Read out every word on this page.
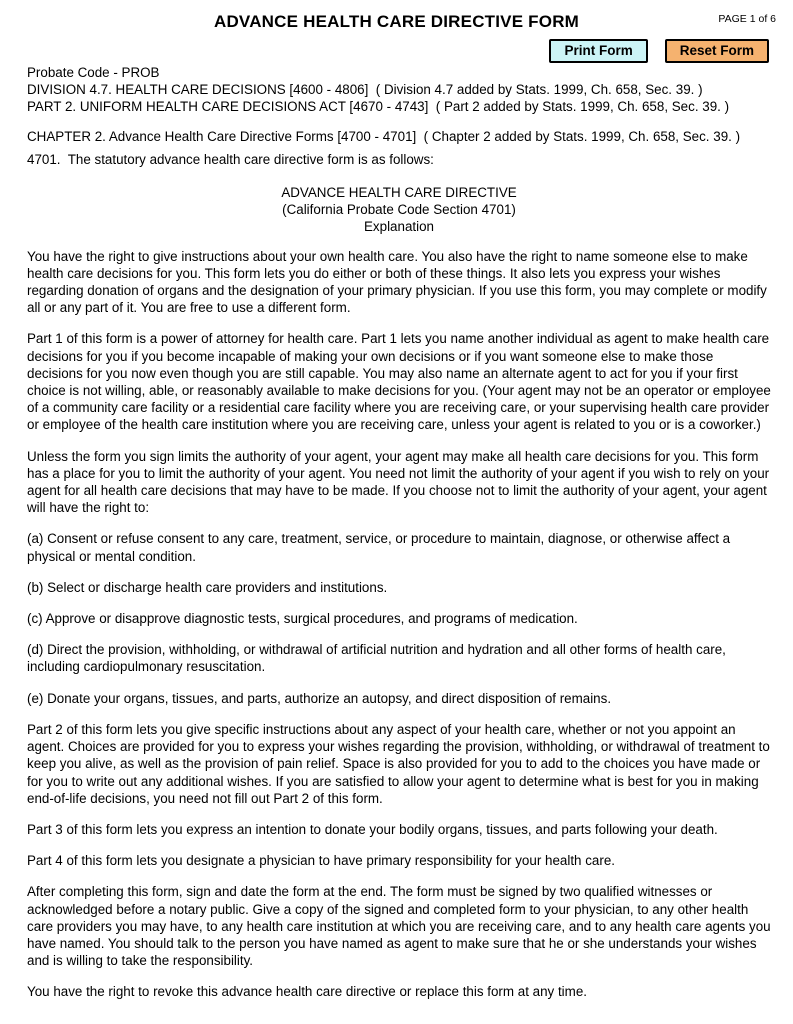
ADVANCE HEALTH CARE DIRECTIVE FORM	PAGE 1 of 6
Print Form	Reset Form

Probate Code - PROB

DIVISION 4.7. HEALTH CARE DECISIONS [4600 - 4806]  ( Division 4.7 added by Stats. 1999, Ch. 658, Sec. 39. )

PART 2. UNIFORM HEALTH CARE DECISIONS ACT [4670 - 4743]  ( Part 2 added by Stats. 1999, Ch. 658, Sec. 39. )

CHAPTER 2. Advance Health Care Directive Forms [4700 - 4701]  ( Chapter 2 added by Stats. 1999, Ch. 658, Sec. 39. )

4701.  The statutory advance health care directive form is as follows:

ADVANCE HEALTH CARE DIRECTIVE
(California Probate Code Section 4701)
Explanation

You have the right to give instructions about your own health care. You also have the right to name someone else to make health care decisions for you. This form lets you do either or both of these things. It also lets you express your wishes regarding donation of organs and the designation of your primary physician. If you use this form, you may complete or modify all or any part of it. You are free to use a different form.

Part 1 of this form is a power of attorney for health care. Part 1 lets you name another individual as agent to make health care decisions for you if you become incapable of making your own decisions or if you want someone else to make those decisions for you now even though you are still capable. You may also name an alternate agent to act for you if your first choice is not willing, able, or reasonably available to make decisions for you. (Your agent may not be an operator or employee of a community care facility or a residential care facility where you are receiving care, or your supervising health care provider or employee of the health care institution where you are receiving care, unless your agent is related to you or is a coworker.)

Unless the form you sign limits the authority of your agent, your agent may make all health care decisions for you. This form has a place for you to limit the authority of your agent. You need not limit the authority of your agent if you wish to rely on your agent for all health care decisions that may have to be made. If you choose not to limit the authority of your agent, your agent will have the right to:

(a) Consent or refuse consent to any care, treatment, service, or procedure to maintain, diagnose, or otherwise affect a physical or mental condition.

(b) Select or discharge health care providers and institutions.

(c) Approve or disapprove diagnostic tests, surgical procedures, and programs of medication.

(d) Direct the provision, withholding, or withdrawal of artificial nutrition and hydration and all other forms of health care, including cardiopulmonary resuscitation.

(e) Donate your organs, tissues, and parts, authorize an autopsy, and direct disposition of remains.

Part 2 of this form lets you give specific instructions about any aspect of your health care, whether or not you appoint an agent. Choices are provided for you to express your wishes regarding the provision, withholding, or withdrawal of treatment to keep you alive, as well as the provision of pain relief. Space is also provided for you to add to the choices you have made or for you to write out any additional wishes. If you are satisfied to allow your agent to determine what is best for you in making end-of-life decisions, you need not fill out Part 2 of this form.

Part 3 of this form lets you express an intention to donate your bodily organs, tissues, and parts following your death.

Part 4 of this form lets you designate a physician to have primary responsibility for your health care.

After completing this form, sign and date the form at the end. The form must be signed by two qualified witnesses or acknowledged before a notary public. Give a copy of the signed and completed form to your physician, to any other health care providers you may have, to any health care institution at which you are receiving care, and to any health care agents you have named. You should talk to the person you have named as agent to make sure that he or she understands your wishes and is willing to take the responsibility.

You have the right to revoke this advance health care directive or replace this form at any time.
